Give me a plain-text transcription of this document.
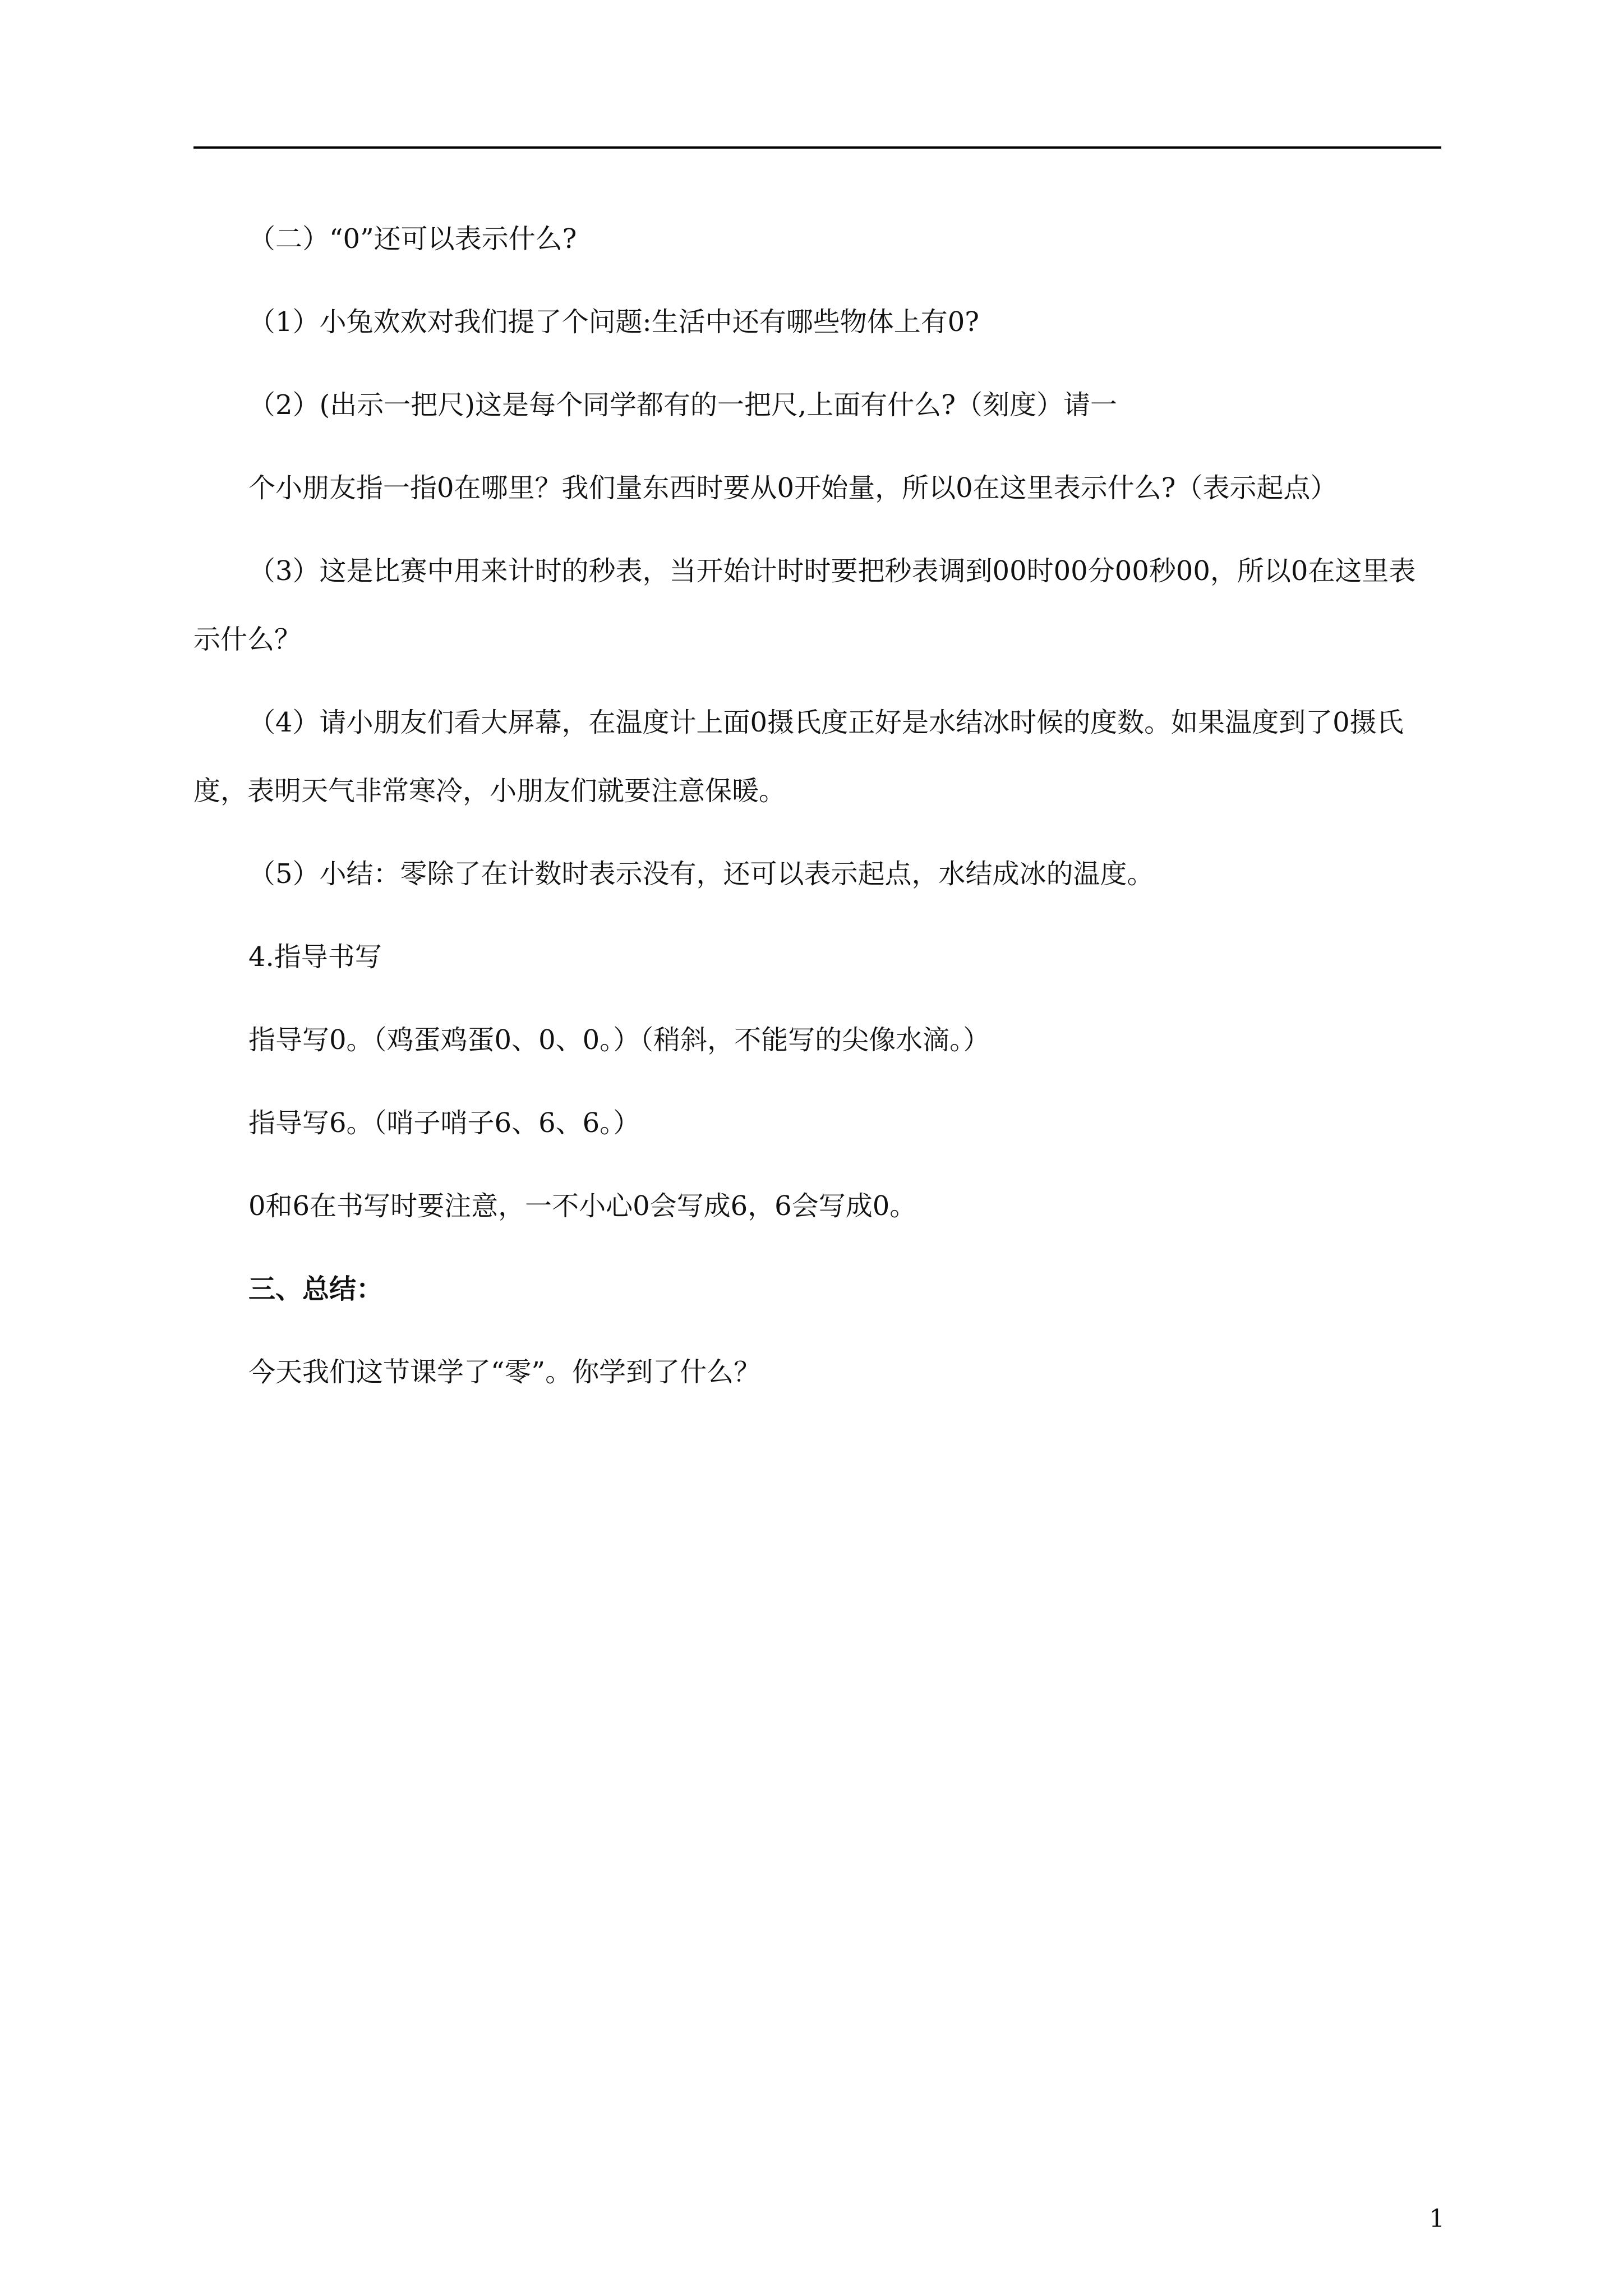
（二）“0”还可以表示什么?

（1）小兔欢欢对我们提了个问题:生活中还有哪些物体上有0?

（2）(出示一把尺)这是每个同学都有的一把尺,上面有什么?（刻度）请一

个小朋友指一指0在哪里？我们量东西时要从0开始量，所以0在这里表示什么?（表示起点）

（3）这是比赛中用来计时的秒表，当开始计时时要把秒表调到00时00分00秒00，所以0在这里表示什么？

（4）请小朋友们看大屏幕，在温度计上面0摄氏度正好是水结冰时候的度数。如果温度到了0摄氏度，表明天气非常寒冷，小朋友们就要注意保暖。

（5）小结：零除了在计数时表示没有，还可以表示起点，水结成冰的温度。

4.指导书写

指导写0。（鸡蛋鸡蛋0、0、0。）（稍斜，不能写的尖像水滴。）

指导写6。（哨子哨子6、6、6。）

0和6在书写时要注意，一不小心0会写成6，6会写成0。

三、总结：

今天我们这节课学了“零”。你学到了什么？

1
